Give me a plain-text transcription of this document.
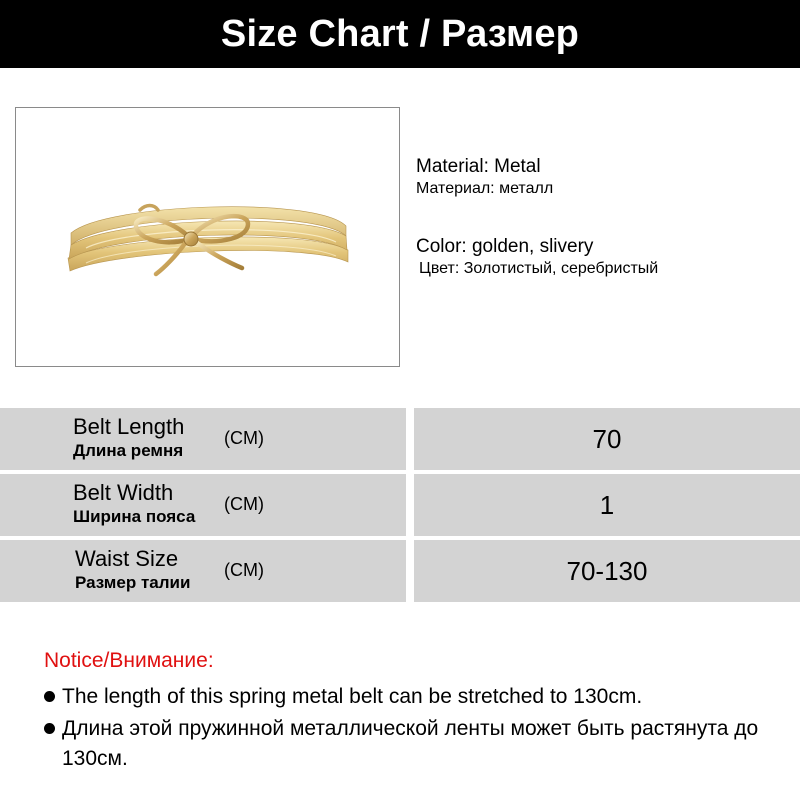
Size Chart / Размер
Material: Metal
Материал: металл
Color: golden, slivery
Цвет: Золотистый, серебристый
Belt Length
Длина ремня
(CM)	70
Belt Width
Ширина пояса
(CM)	1
Waist Size
Размер талии
(CM)	70-130
Notice/Внимание:
The length of this spring metal belt can be stretched to 130cm.
Длина этой пружинной металлической ленты может быть растянута до 130см.
